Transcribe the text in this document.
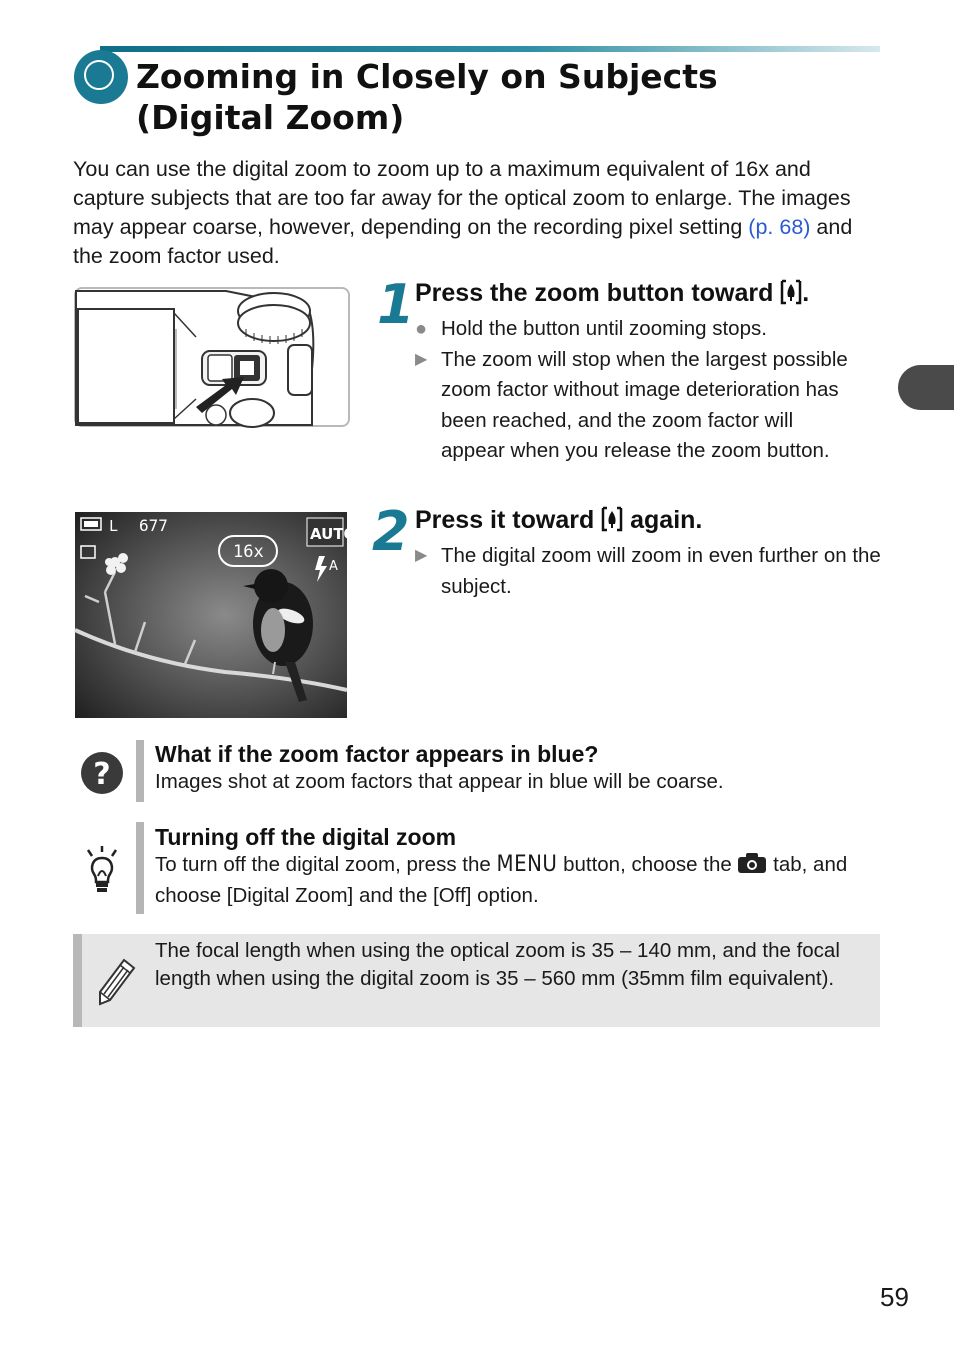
Zooming in Closely on Subjects
(Digital Zoom)

You can use the digital zoom to zoom up to a maximum equivalent of 16x and capture subjects that are too far away for the optical zoom to enlarge. The images may appear coarse, however, depending on the recording pixel setting (p. 68) and the zoom factor used.

1 Press the zoom button toward .

● Hold the button until zooming stops.
▶ The zoom will stop when the largest possible zoom factor without image deterioration has been reached, and the zoom factor will appear when you release the zoom button.
L 677
16x
AUTO
A
2 Press it toward  again.

▶ The digital zoom will zoom in even further on the subject.
?

What if the zoom factor appears in blue?

Images shot at zoom factors that appear in blue will be coarse.

Turning off the digital zoom

To turn off the digital zoom, press the MENU button, choose the  tab, and choose [Digital Zoom] and the [Off] option.

The focal length when using the optical zoom is 35 – 140 mm, and the focal length when using the digital zoom is 35 – 560 mm (35mm film equivalent).

59
